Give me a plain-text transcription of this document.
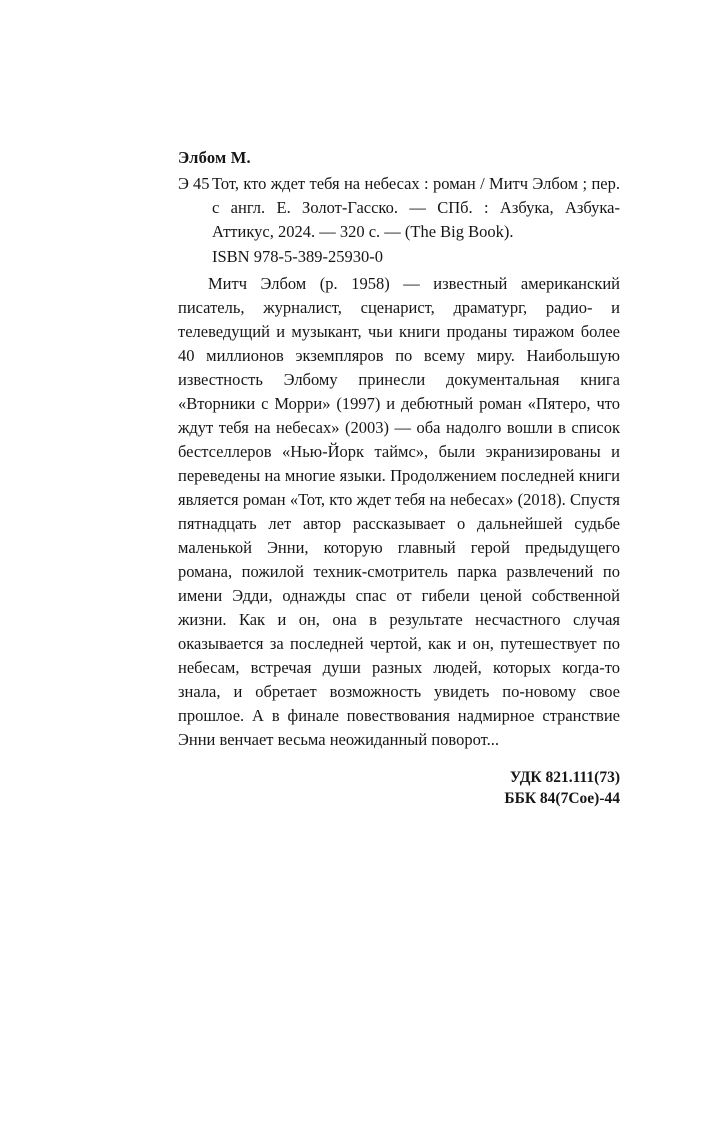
Элбом М.
Э 45 Тот, кто ждет тебя на небесах : роман / Митч Элбом ; пер. с англ. Е. Золот-Гасско. — СПб. : Азбука, Азбука-Аттикус, 2024. — 320 с. — (The Big Book).
ISBN 978-5-389-25930-0
Митч Элбом (р. 1958) — известный американский писатель, журналист, сценарист, драматург, радио- и телеведущий и музыкант, чьи книги проданы тиражом более 40 миллионов экземпляров по всему миру. Наибольшую известность Элбому принесли документальная книга «Вторники с Морри» (1997) и дебютный роман «Пятеро, что ждут тебя на небесах» (2003) — оба надолго вошли в список бестселлеров «Нью-Йорк таймс», были экранизированы и переведены на многие языки. Продолжением последней книги является роман «Тот, кто ждет тебя на небесах» (2018). Спустя пятнадцать лет автор рассказывает о дальнейшей судьбе маленькой Энни, которую главный герой предыдущего романа, пожилой техник-смотритель парка развлечений по имени Эдди, однажды спас от гибели ценой собственной жизни. Как и он, она в результате несчастного случая оказывается за последней чертой, как и он, путешествует по небесам, встречая души разных людей, которых когда-то знала, и обретает возможность увидеть по-новому свое прошлое. А в финале повествования надмирное странствие Энни венчает весьма неожиданный поворот...
УДК 821.111(73)
ББК 84(7Сое)-44
